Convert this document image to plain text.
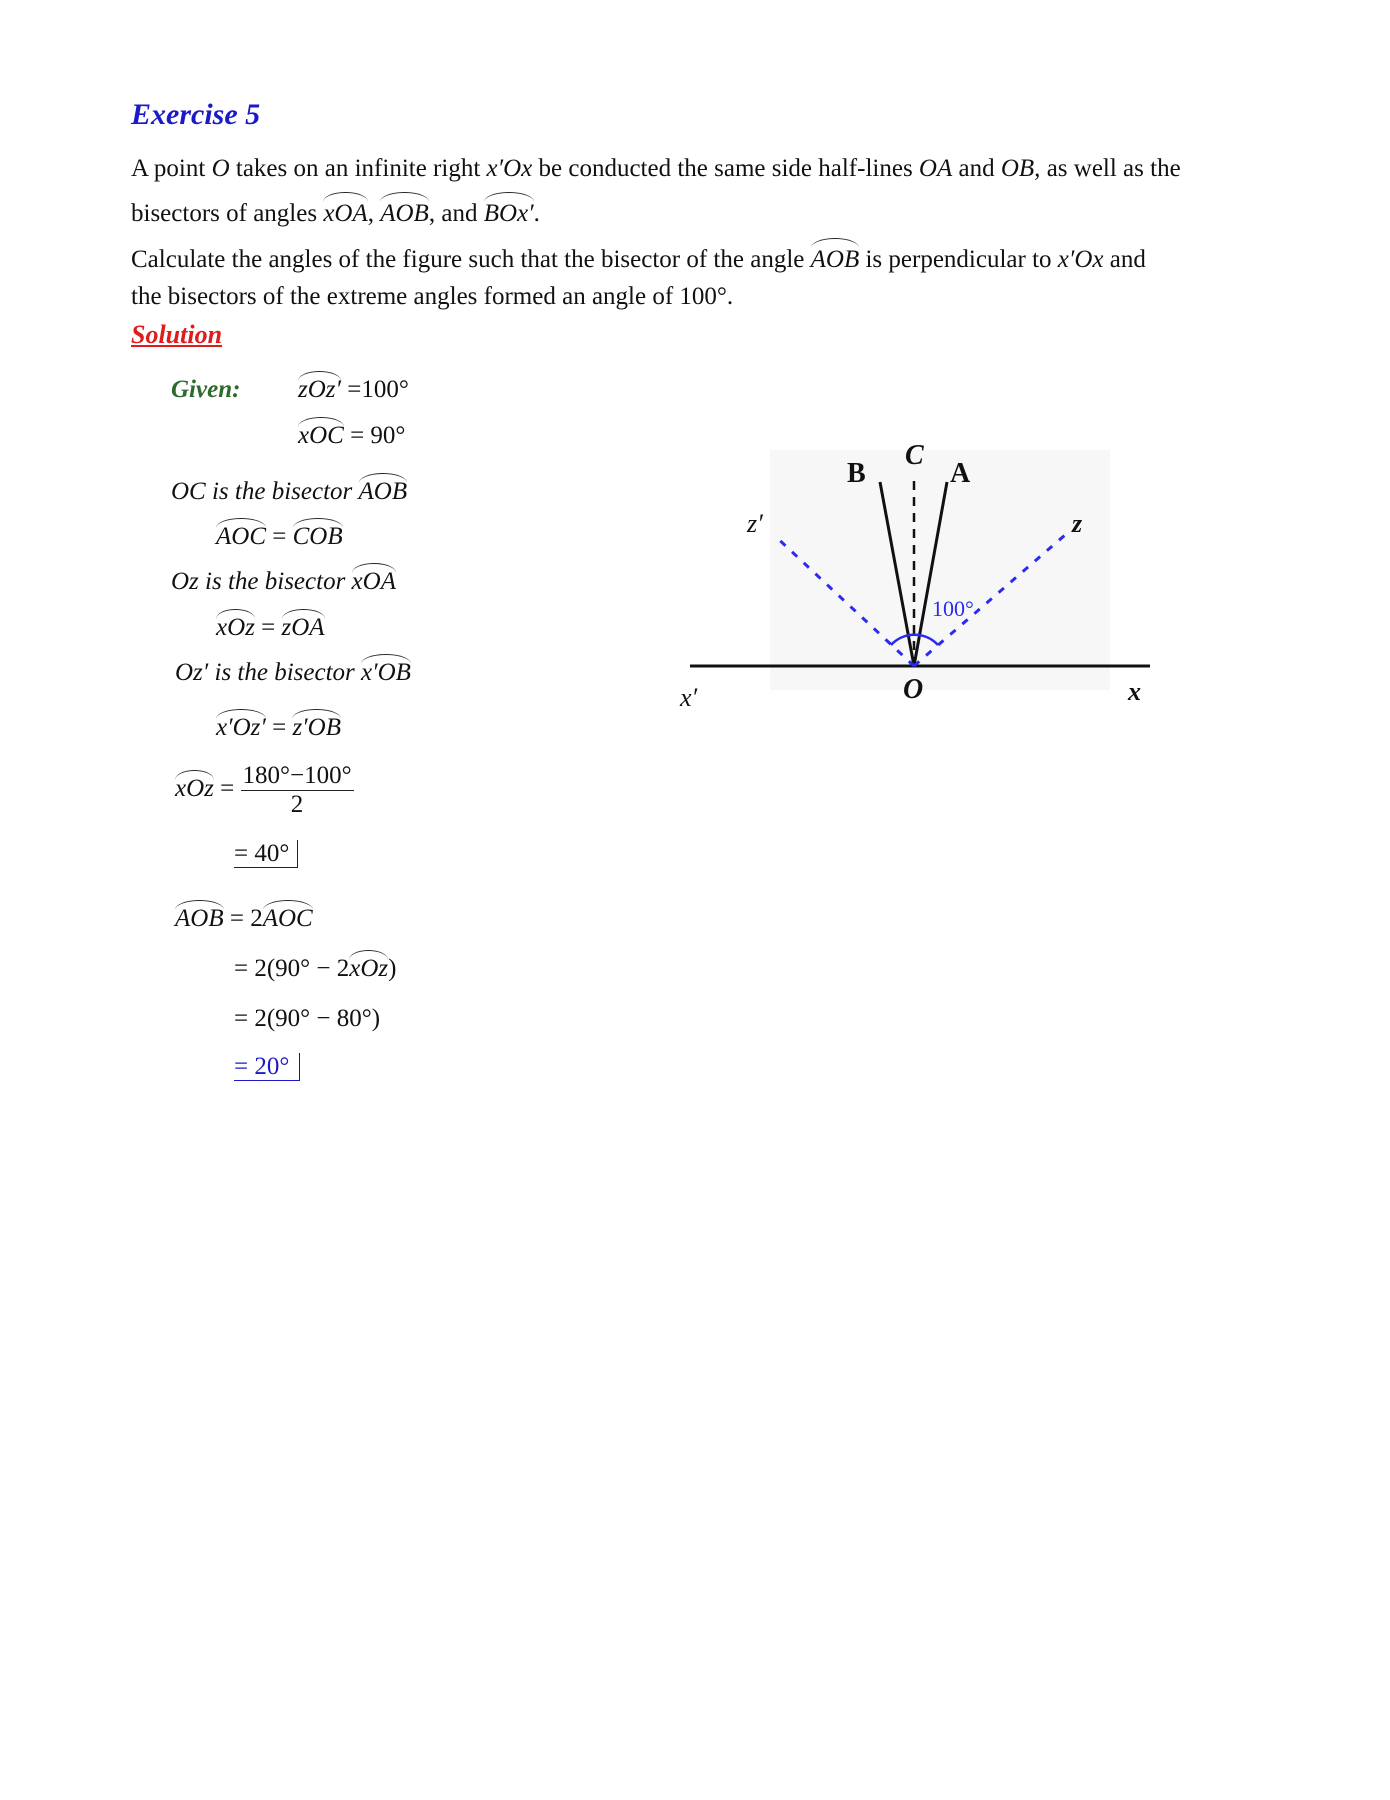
Exercise 5
A point O takes on an infinite right x′Ox be conducted the same side half-lines OA and OB, as well as the
bisectors of angles xOA, AOB, and BOx′.
Calculate the angles of the figure such that the bisector of the angle AOB is perpendicular to x′Ox and
the bisectors of the extreme angles formed an angle of 100°.
Solution
Given: zOz′ =100°
xOC = 90°
OC is the bisector AOB
AOC = COB
Oz is the bisector xOA
xOz = zOA
Oz′ is the bisector x′OB
x′Oz′ = z′OB
xOz = $\frac{180^\circ-100^\circ}{2}$
= 40°
AOB = 2AOC
= 2(90° − 2xOz)
= 2(90° − 80°)
= 20°
B
C
A
z′	z
100°
x′	O	x
